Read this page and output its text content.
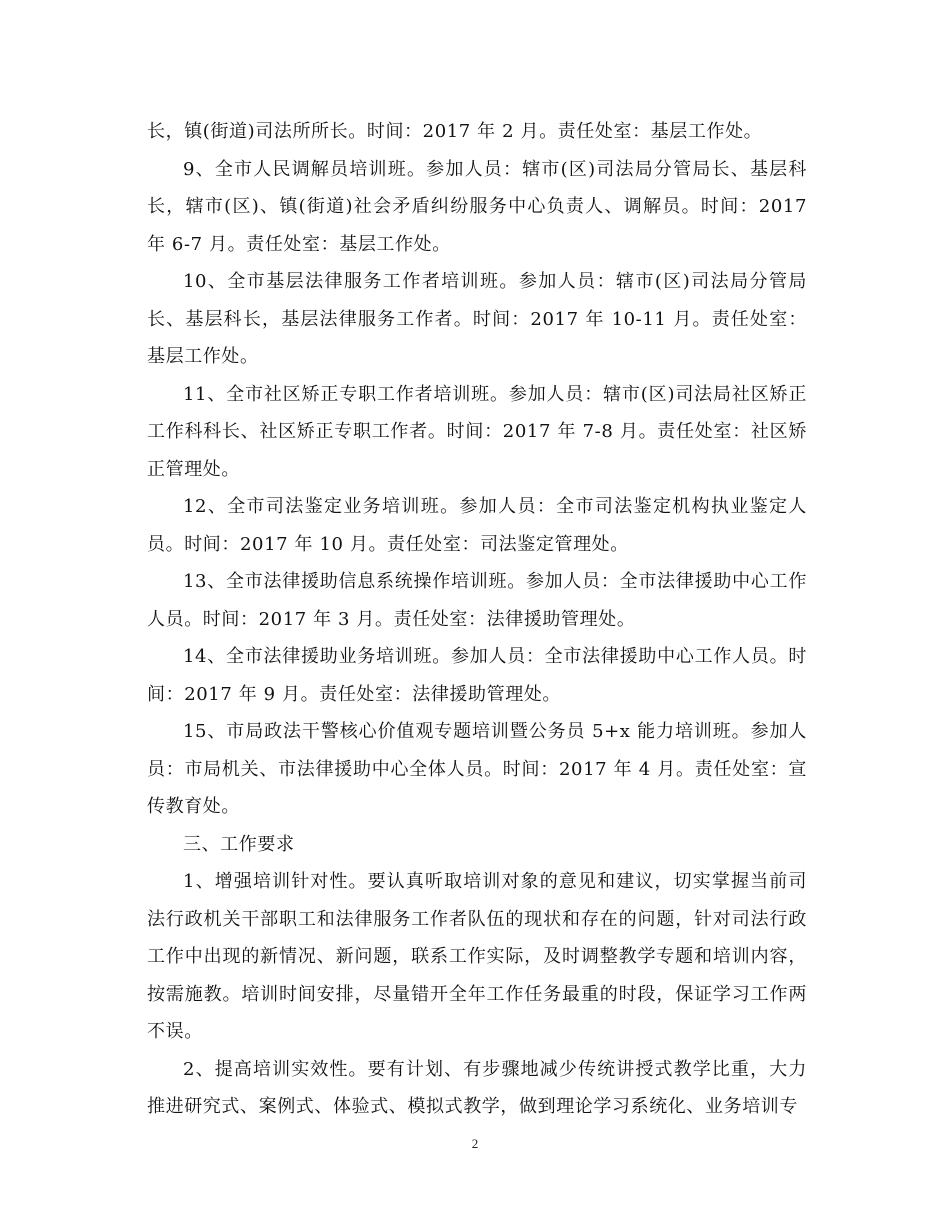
长，镇(街道)司法所所长。时间：2017 年 2 月。责任处室：基层工作处。

9、全市人民调解员培训班。参加人员：辖市(区)司法局分管局长、基层科长，辖市(区)、镇(街道)社会矛盾纠纷服务中心负责人、调解员。时间：2017 年 6-7 月。责任处室：基层工作处。

10、全市基层法律服务工作者培训班。参加人员：辖市(区)司法局分管局长、基层科长，基层法律服务工作者。时间：2017 年 10-11 月。责任处室：基层工作处。

11、全市社区矫正专职工作者培训班。参加人员：辖市(区)司法局社区矫正工作科科长、社区矫正专职工作者。时间：2017 年 7-8 月。责任处室：社区矫正管理处。

12、全市司法鉴定业务培训班。参加人员：全市司法鉴定机构执业鉴定人员。时间：2017 年 10 月。责任处室：司法鉴定管理处。

13、全市法律援助信息系统操作培训班。参加人员：全市法律援助中心工作人员。时间：2017 年 3 月。责任处室：法律援助管理处。

14、全市法律援助业务培训班。参加人员：全市法律援助中心工作人员。时间：2017 年 9 月。责任处室：法律援助管理处。

15、市局政法干警核心价值观专题培训暨公务员 5+x 能力培训班。参加人员：市局机关、市法律援助中心全体人员。时间：2017 年 4 月。责任处室：宣传教育处。

三、工作要求

1、增强培训针对性。要认真听取培训对象的意见和建议，切实掌握当前司法行政机关干部职工和法律服务工作者队伍的现状和存在的问题，针对司法行政工作中出现的新情况、新问题，联系工作实际，及时调整教学专题和培训内容，按需施教。培训时间安排，尽量错开全年工作任务最重的时段，保证学习工作两不误。

2、提高培训实效性。要有计划、有步骤地减少传统讲授式教学比重，大力推进研究式、案例式、体验式、模拟式教学，做到理论学习系统化、业务培训专

2
